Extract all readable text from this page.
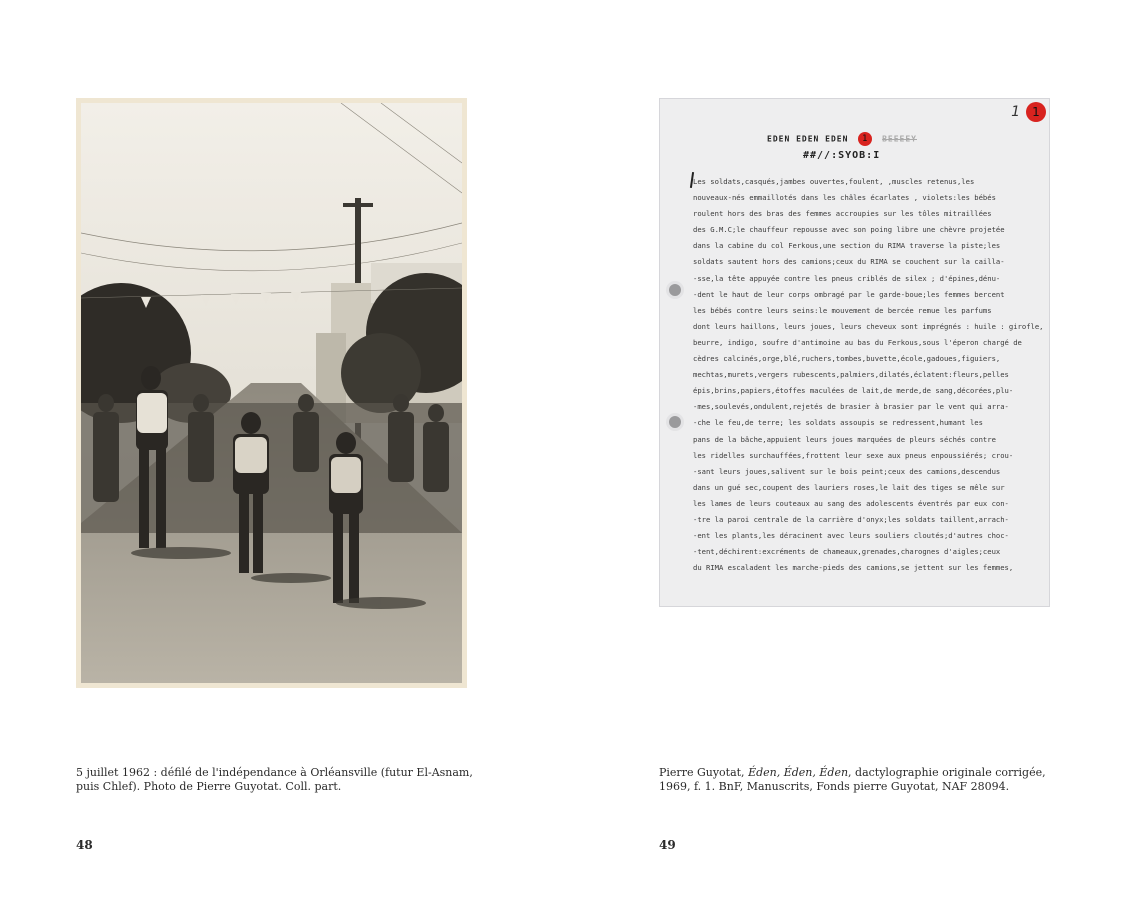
5 juillet 1962 : défilé de l'indépendance à Orléansville (futur El-Asnam, puis Chlef). Photo de Pierre Guyotat. Coll. part.
48
1	1
EDEN EDEN EDEN 1 BEEEEY
##//:SYOB:I
Les soldats,casqués,jambes ouvertes,foulent, ,muscles retenus,les
nouveaux-nés emmaillotés dans les châles écarlates , violets:les bébés
roulent hors des bras des femmes accroupies sur les tôles mitraillées
des G.M.C;le chauffeur repousse avec son poing libre une chèvre projetée
dans la cabine du col Ferkous,une section du RIMA traverse la piste;les
soldats sautent hors des camions;ceux du RIMA se couchent sur la cailla-
-sse,la tête appuyée contre les pneus criblés de silex ; d'épines,dénu-
-dent le haut de leur corps ombragé par le garde-boue;les femmes bercent
les bébés contre leurs seins:le mouvement de bercée remue les parfums
dont leurs haillons, leurs joues, leurs cheveux sont imprégnés : huile : girofle,
beurre, indigo, soufre d'antimoine au bas du Ferkous,sous l'éperon chargé de
cèdres calcinés,orge,blé,ruchers,tombes,buvette,école,gadoues,figuiers,
mechtas,murets,vergers rubescents,palmiers,dilatés,éclatent:fleurs,pelles
épis,brins,papiers,étoffes maculées de lait,de merde,de sang,décorées,plu-
-mes,soulevés,ondulent,rejetés de brasier à brasier par le vent qui arra-
-che le feu,de terre; les soldats assoupis se redressent,humant les
pans de la bâche,appuient leurs joues marquées de pleurs séchés contre
les ridelles surchauffées,frottent leur sexe aux pneus enpoussiérés; crou-
-sant leurs joues,salivent sur le bois peint;ceux des camions,descendus
dans un gué sec,coupent des lauriers roses,le lait des tiges se mêle sur
les lames de leurs couteaux au sang des adolescents éventrés par eux con-
-tre la paroi centrale de la carrière d'onyx;les soldats taillent,arrach-
-ent les plants,les déracinent avec leurs souliers cloutés;d'autres choc-
-tent,déchirent:excréments de chameaux,grenades,charognes d'aigles;ceux
du RIMA escaladent les marche-pieds des camions,se jettent sur les femmes,
Pierre Guyotat, Éden, Éden, Éden, dactylographie originale corrigée, 1969, f. 1. BnF, Manuscrits, Fonds pierre Guyotat, NAF 28094.
49
